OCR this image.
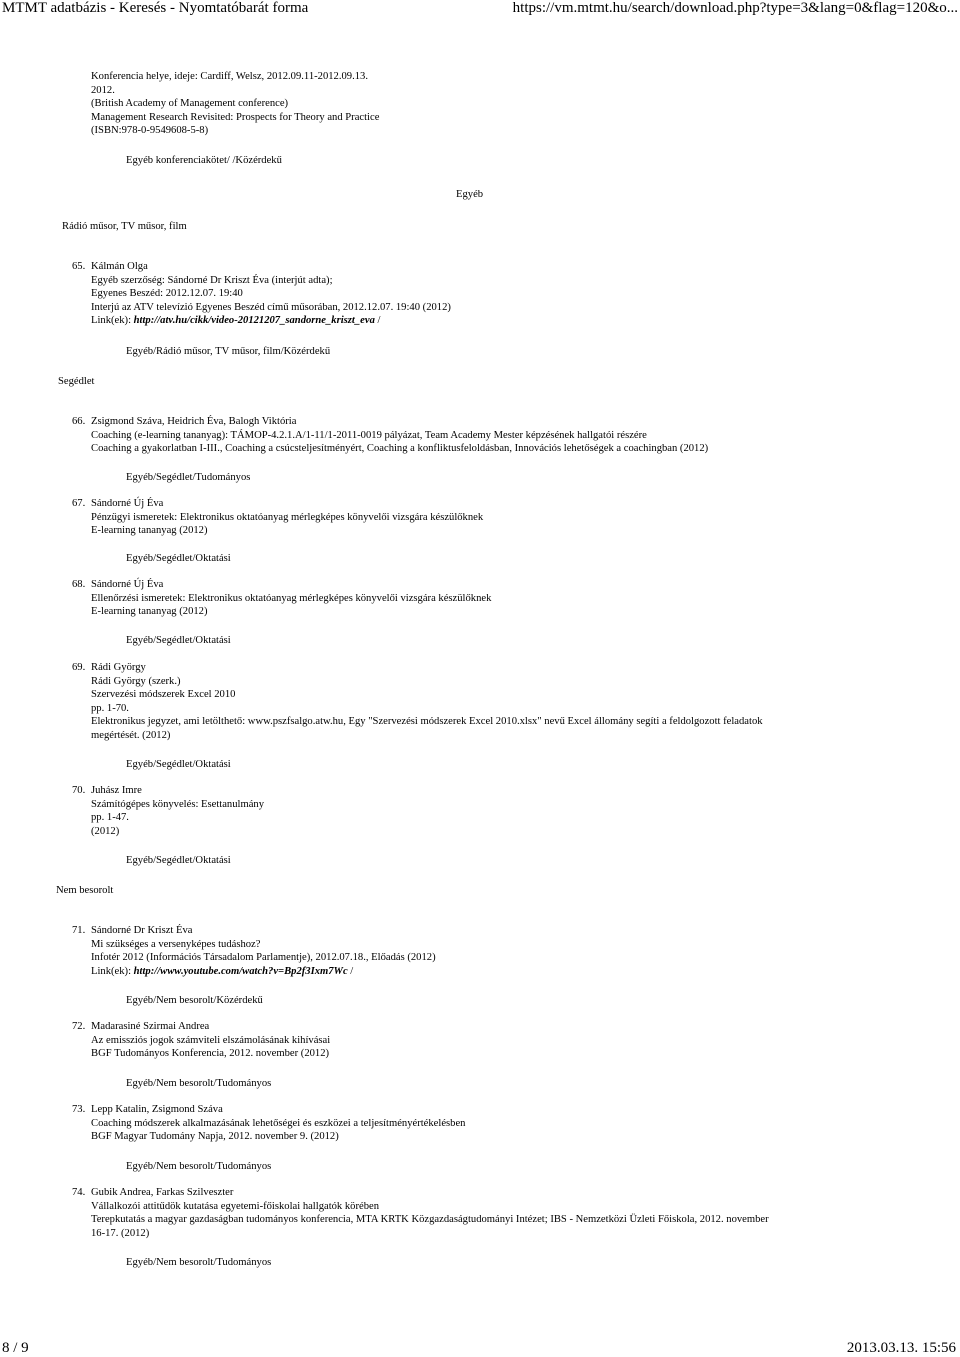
MTMT adatbázis - Keresés - Nyomtatóbarát forma	https://vm.mtmt.hu/search/download.php?type=3&lang=0&flag=120&o...
Konferencia helye, ideje: Cardiff, Welsz, 2012.09.11-2012.09.13.
2012.
(British Academy of Management conference)
Management Research Revisited: Prospects for Theory and Practice
(ISBN:978-0-9549608-5-8)
Egyéb konferenciakötet/ /Közérdekű
Egyéb
Rádió műsor, TV műsor, film
65. Kálmán Olga
Egyéb szerzőség: Sándorné Dr Kriszt Éva (interjút adta);
Egyenes Beszéd: 2012.12.07. 19:40
Interjú az ATV televízió Egyenes Beszéd című műsorában, 2012.12.07. 19:40 (2012)
Link(ek): http://atv.hu/cikk/video-20121207_sandorne_kriszt_eva /
Egyéb/Rádió műsor, TV műsor, film/Közérdekű
Segédlet
66. Zsigmond Száva, Heidrich Éva, Balogh Viktória
Coaching (e-learning tananyag): TÁMOP-4.2.1.A/1-11/1-2011-0019 pályázat, Team Academy Mester képzésének hallgatói részére
Coaching a gyakorlatban I-III., Coaching a csúcsteljesítményért, Coaching a konfliktusfeloldásban, Innovációs lehetőségek a coachingban (2012)
Egyéb/Segédlet/Tudományos
67. Sándorné Új Éva
Pénzügyi ismeretek: Elektronikus oktatóanyag mérlegképes könyvelői vizsgára készülőknek
E-learning tananyag (2012)
Egyéb/Segédlet/Oktatási
68. Sándorné Új Éva
Ellenőrzési ismeretek: Elektronikus oktatóanyag mérlegképes könyvelői vizsgára készülőknek
E-learning tananyag (2012)
Egyéb/Segédlet/Oktatási
69. Rádi György
Rádi György (szerk.)
Szervezési módszerek Excel 2010
pp. 1-70.
Elektronikus jegyzet, ami letölthető: www.pszfsalgo.atw.hu, Egy "Szervezési módszerek Excel 2010.xlsx" nevű Excel állomány segíti a feldolgozott feladatok
megértését. (2012)
Egyéb/Segédlet/Oktatási
70. Juhász Imre
Számítógépes könyvelés: Esettanulmány
pp. 1-47.
(2012)
Egyéb/Segédlet/Oktatási
Nem besorolt
71. Sándorné Dr Kriszt Éva
Mi szükséges a versenyképes tudáshoz?
Infotér 2012 (Információs Társadalom Parlamentje), 2012.07.18., Előadás (2012)
Link(ek): http://www.youtube.com/watch?v=Bp2f3Ixm7Wc /
Egyéb/Nem besorolt/Közérdekű
72. Madarasiné Szirmai Andrea
Az emissziós jogok számviteli elszámolásának kihívásai
BGF Tudományos Konferencia, 2012. november (2012)
Egyéb/Nem besorolt/Tudományos
73. Lepp Katalin, Zsigmond Száva
Coaching módszerek alkalmazásának lehetőségei és eszközei a teljesítményértékelésben
BGF Magyar Tudomány Napja, 2012. november 9. (2012)
Egyéb/Nem besorolt/Tudományos
74. Gubik Andrea, Farkas Szilveszter
Vállalkozói attitűdök kutatása egyetemi-főiskolai hallgatók körében
Terepkutatás a magyar gazdaságban tudományos konferencia, MTA KRTK Közgazdaságtudományi Intézet; IBS - Nemzetközi Üzleti Főiskola, 2012. november
16-17. (2012)
Egyéb/Nem besorolt/Tudományos
8 / 9	2013.03.13. 15:56
